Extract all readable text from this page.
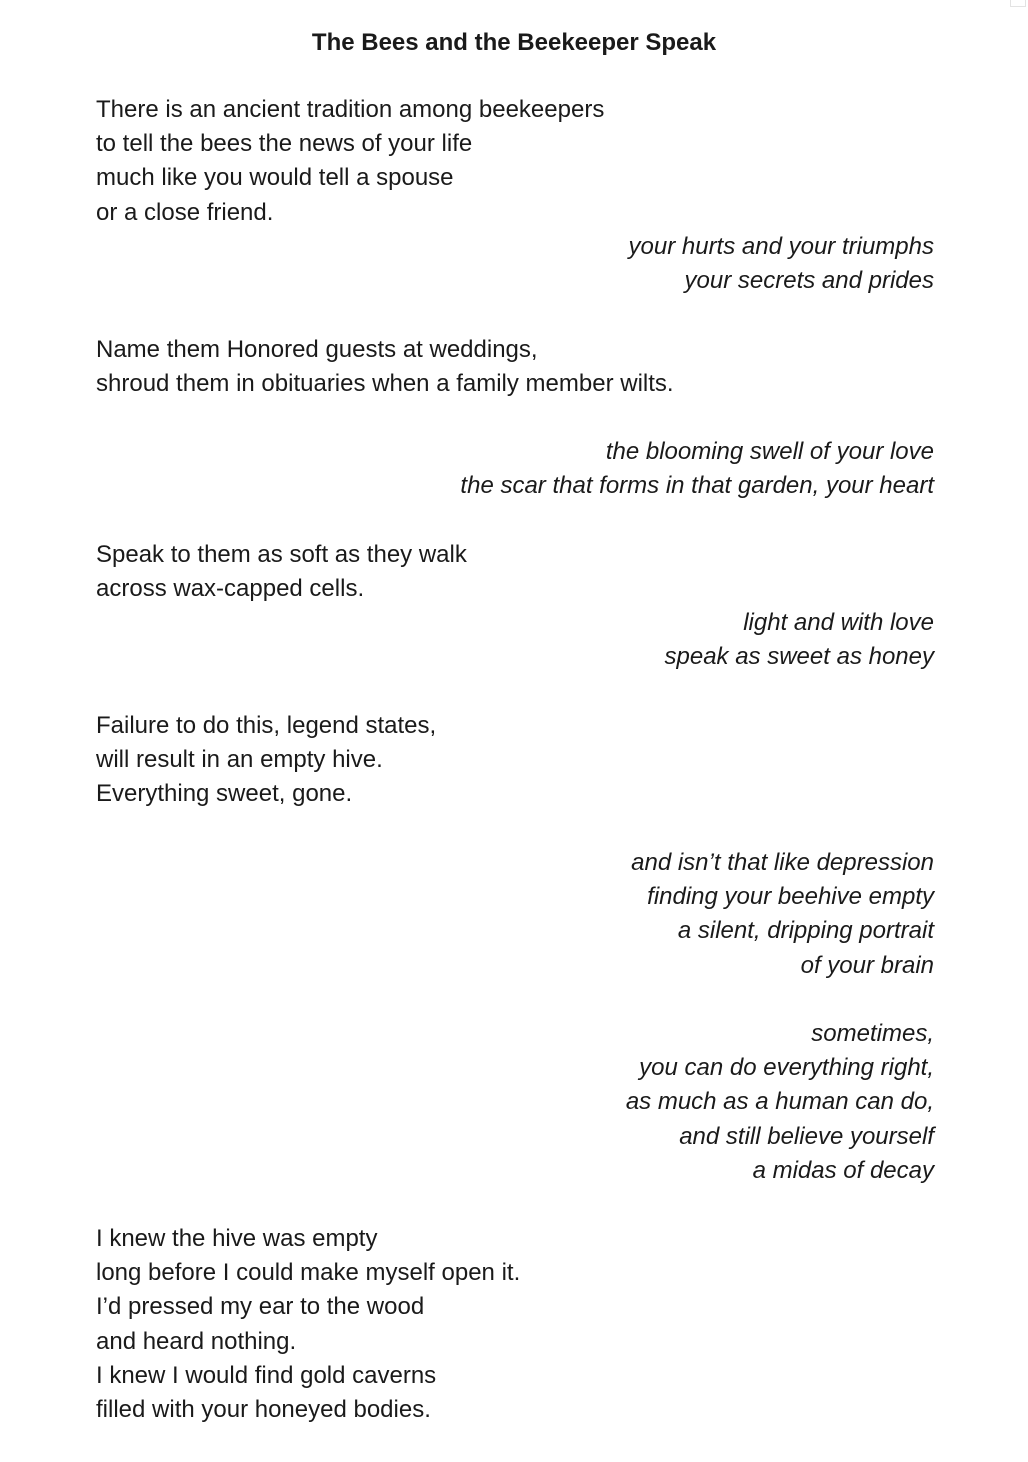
The Bees and the Beekeeper Speak
There is an ancient tradition among beekeepers
to tell the bees the news of your life
much like you would tell a spouse
or a close friend.
your hurts and your triumphs
your secrets and prides
Name them Honored guests at weddings,
shroud them in obituaries when a family member wilts.
the blooming swell of your love
the scar that forms in that garden, your heart
Speak to them as soft as they walk
across wax-capped cells.
light and with love
speak as sweet as honey
Failure to do this, legend states,
will result in an empty hive.
Everything sweet, gone.
and isn’t that like depression
finding your beehive empty
a silent, dripping portrait
of your brain
sometimes,
you can do everything right,
as much as a human can do,
and still believe yourself
a midas of decay
I knew the hive was empty
long before I could make myself open it.
I’d pressed my ear to the wood
and heard nothing.
I knew I would find gold caverns
filled with your honeyed bodies.
